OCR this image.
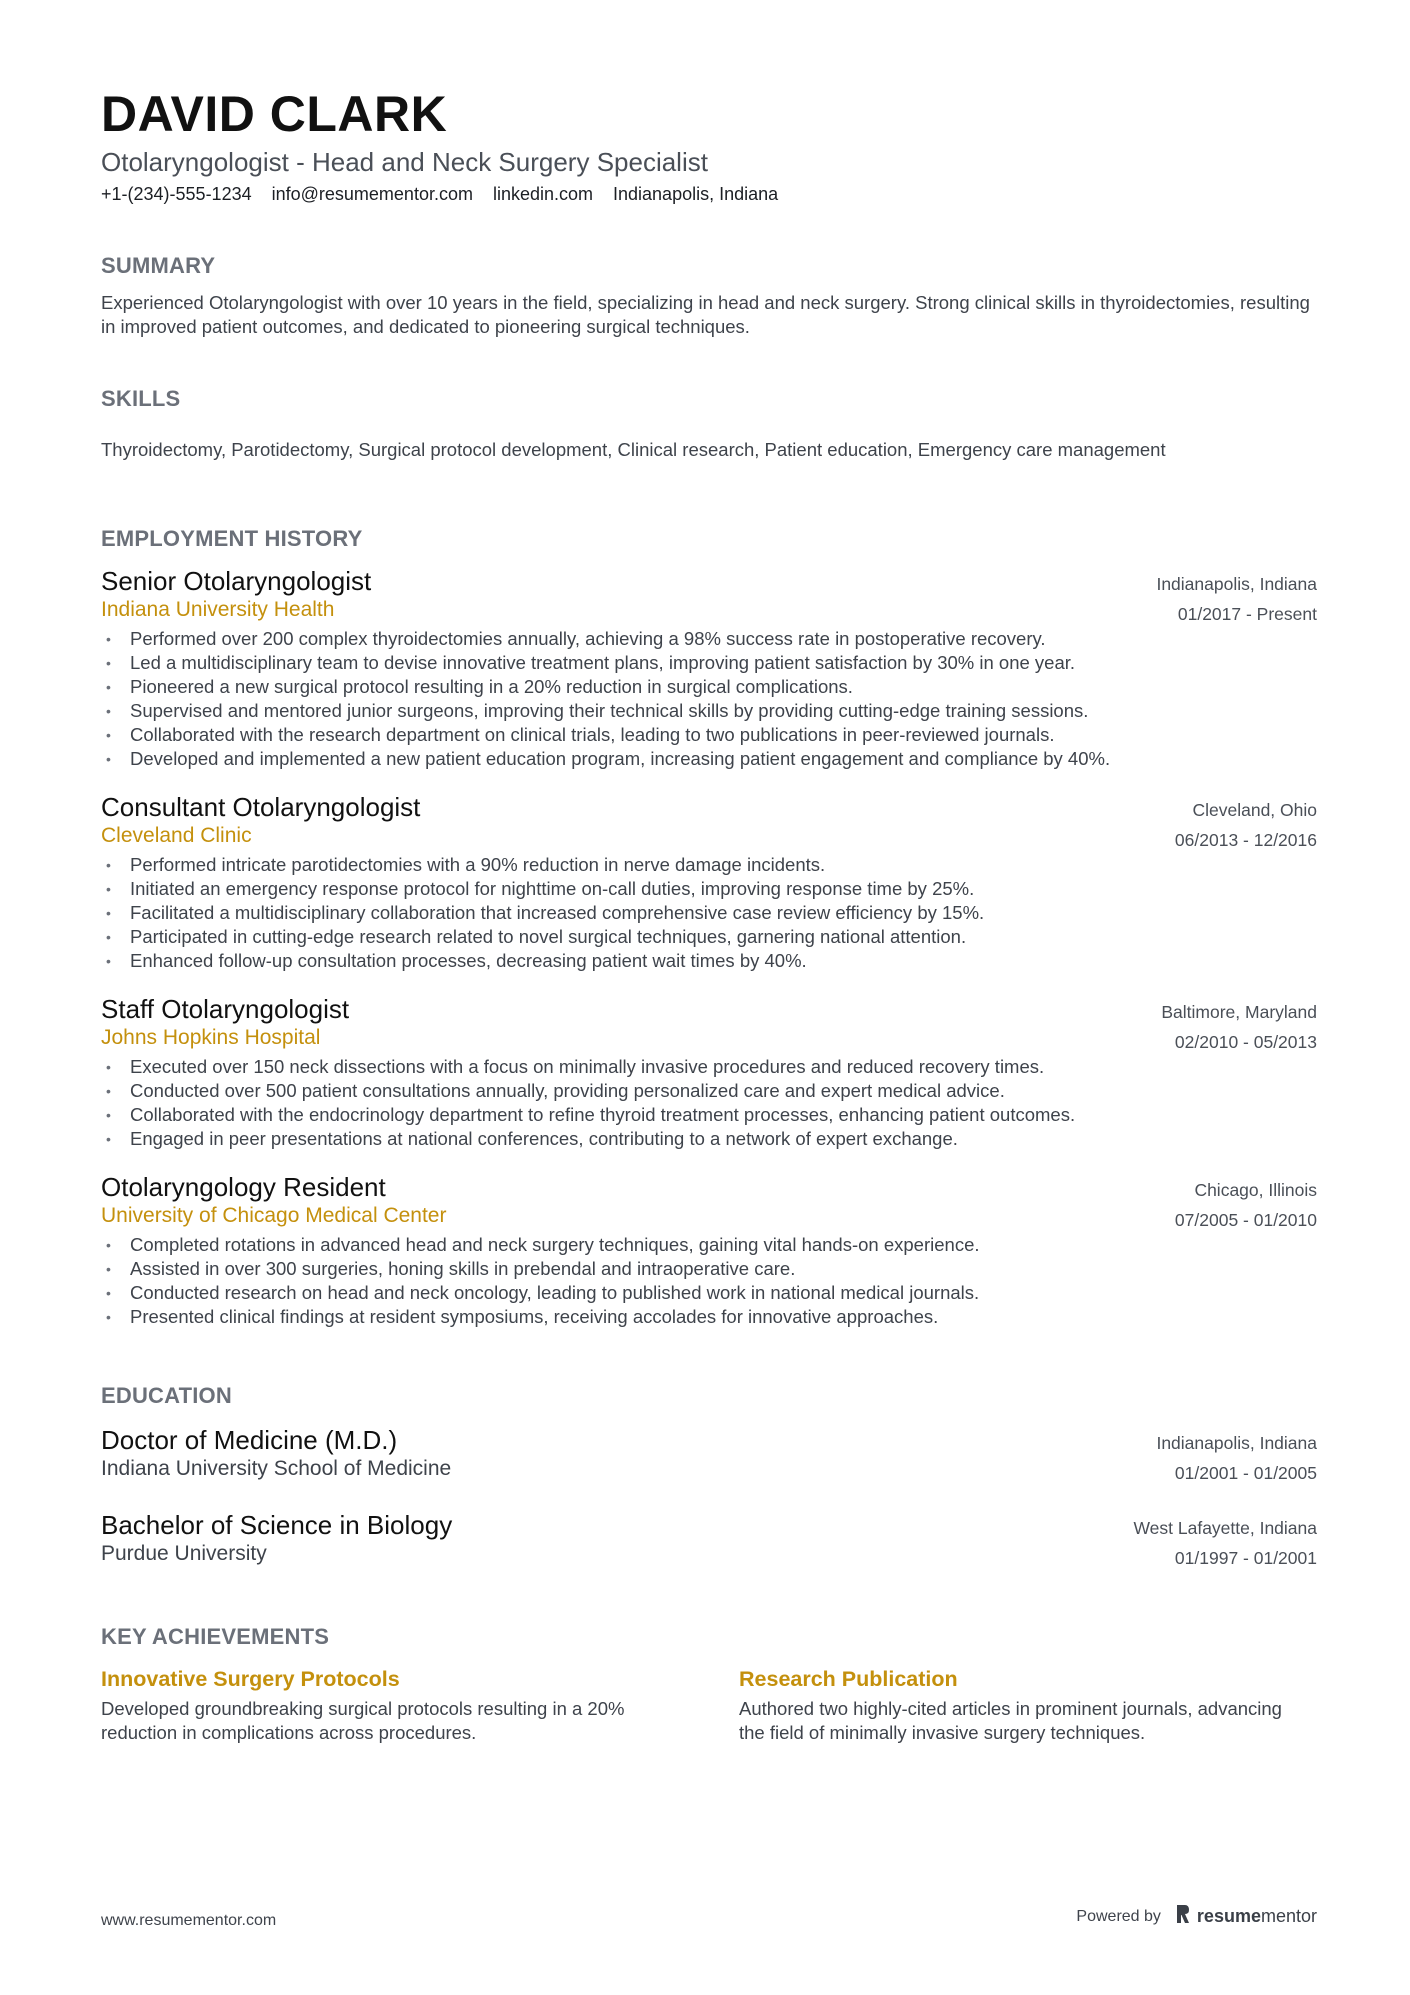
DAVID CLARK
Otolaryngologist - Head and Neck Surgery Specialist
+1-(234)-555-1234 info@resumementor.com linkedin.com Indianapolis, Indiana
SUMMARY
Experienced Otolaryngologist with over 10 years in the field, specializing in head and neck surgery. Strong clinical skills in thyroidectomies, resulting in improved patient outcomes, and dedicated to pioneering surgical techniques.
SKILLS
Thyroidectomy, Parotidectomy, Surgical protocol development, Clinical research, Patient education, Emergency care management
EMPLOYMENT HISTORY
Senior Otolaryngologist
Indiana University Health
Indianapolis, Indiana
01/2017 - Present
• Performed over 200 complex thyroidectomies annually, achieving a 98% success rate in postoperative recovery.
• Led a multidisciplinary team to devise innovative treatment plans, improving patient satisfaction by 30% in one year.
• Pioneered a new surgical protocol resulting in a 20% reduction in surgical complications.
• Supervised and mentored junior surgeons, improving their technical skills by providing cutting-edge training sessions.
• Collaborated with the research department on clinical trials, leading to two publications in peer-reviewed journals.
• Developed and implemented a new patient education program, increasing patient engagement and compliance by 40%.
Consultant Otolaryngologist
Cleveland Clinic
Cleveland, Ohio
06/2013 - 12/2016
• Performed intricate parotidectomies with a 90% reduction in nerve damage incidents.
• Initiated an emergency response protocol for nighttime on-call duties, improving response time by 25%.
• Facilitated a multidisciplinary collaboration that increased comprehensive case review efficiency by 15%.
• Participated in cutting-edge research related to novel surgical techniques, garnering national attention.
• Enhanced follow-up consultation processes, decreasing patient wait times by 40%.
Staff Otolaryngologist
Johns Hopkins Hospital
Baltimore, Maryland
02/2010 - 05/2013
• Executed over 150 neck dissections with a focus on minimally invasive procedures and reduced recovery times.
• Conducted over 500 patient consultations annually, providing personalized care and expert medical advice.
• Collaborated with the endocrinology department to refine thyroid treatment processes, enhancing patient outcomes.
• Engaged in peer presentations at national conferences, contributing to a network of expert exchange.
Otolaryngology Resident
University of Chicago Medical Center
Chicago, Illinois
07/2005 - 01/2010
• Completed rotations in advanced head and neck surgery techniques, gaining vital hands-on experience.
• Assisted in over 300 surgeries, honing skills in prebendal and intraoperative care.
• Conducted research on head and neck oncology, leading to published work in national medical journals.
• Presented clinical findings at resident symposiums, receiving accolades for innovative approaches.
EDUCATION
Doctor of Medicine (M.D.)
Indiana University School of Medicine
Indianapolis, Indiana
01/2001 - 01/2005
Bachelor of Science in Biology
Purdue University
West Lafayette, Indiana
01/1997 - 01/2001
KEY ACHIEVEMENTS
Innovative Surgery Protocols
Developed groundbreaking surgical protocols resulting in a 20% reduction in complications across procedures.
Research Publication
Authored two highly-cited articles in prominent journals, advancing the field of minimally invasive surgery techniques.
www.resumementor.com	Powered by resumementor
